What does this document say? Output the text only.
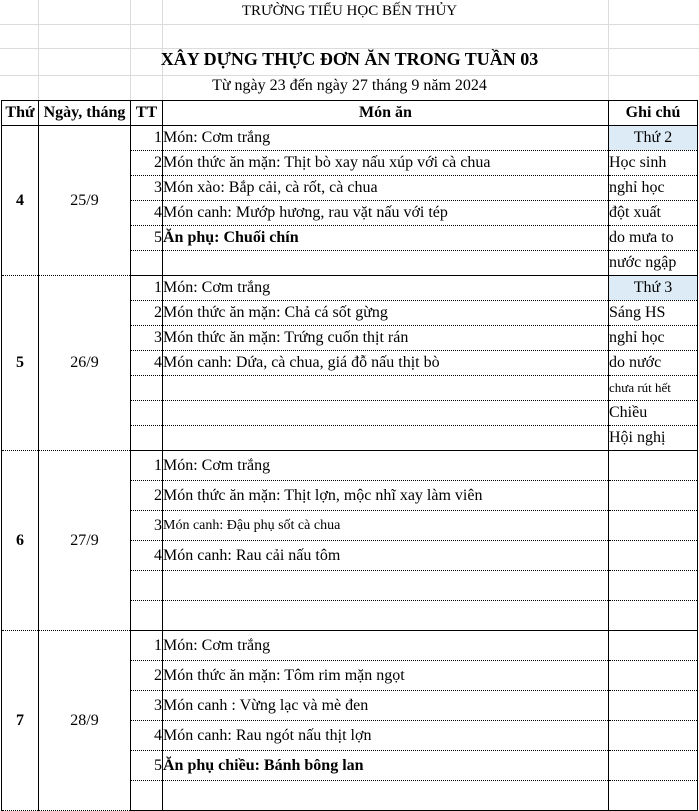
TRƯỜNG TIỂU HỌC BẾN THỦY
XÂY DỰNG THỰC ĐƠN ĂN TRONG TUẦN 03
Từ ngày 23 đến ngày 27 tháng 9 năm 2024
Thứ	Ngày, tháng	TT	Món ăn	Ghi chú
4	25/9	1	Món: Cơm trắng	Thứ 2
		2	Món thức ăn mặn: Thịt bò xay nấu xúp với cà chua	Học sinh
		3	Món xào: Bắp cải, cà rốt, cà chua	nghỉ học
		4	Món canh: Mướp hương, rau vặt nấu với tép	đột xuất
		5	Ăn phụ: Chuối chín	do mưa to
				nước ngập
5	26/9	1	Món: Cơm trắng	Thứ 3
		2	Món thức ăn mặn: Chả cá sốt gừng	Sáng HS
		3	Món thức ăn mặn: Trứng cuốn thịt rán	nghỉ học
		4	Món canh: Dứa, cà chua, giá đỗ nấu thịt bò	do nước
				chưa rút hết
				Chiều
				Hội nghị
6	27/9	1	Món: Cơm trắng	
		2	Món thức ăn mặn: Thịt lợn, mộc nhĩ xay làm viên	
		3	Món canh: Đậu phụ sốt cà chua	
		4	Món canh: Rau cải nấu tôm	

7	28/9	1	Món: Cơm trắng	
		2	Món thức ăn mặn: Tôm rim mặn ngọt	
		3	Món canh : Vừng lạc và mè đen	
		4	Món canh: Rau ngót nấu thịt lợn	
		5	Ăn phụ chiều: Bánh bông lan	
